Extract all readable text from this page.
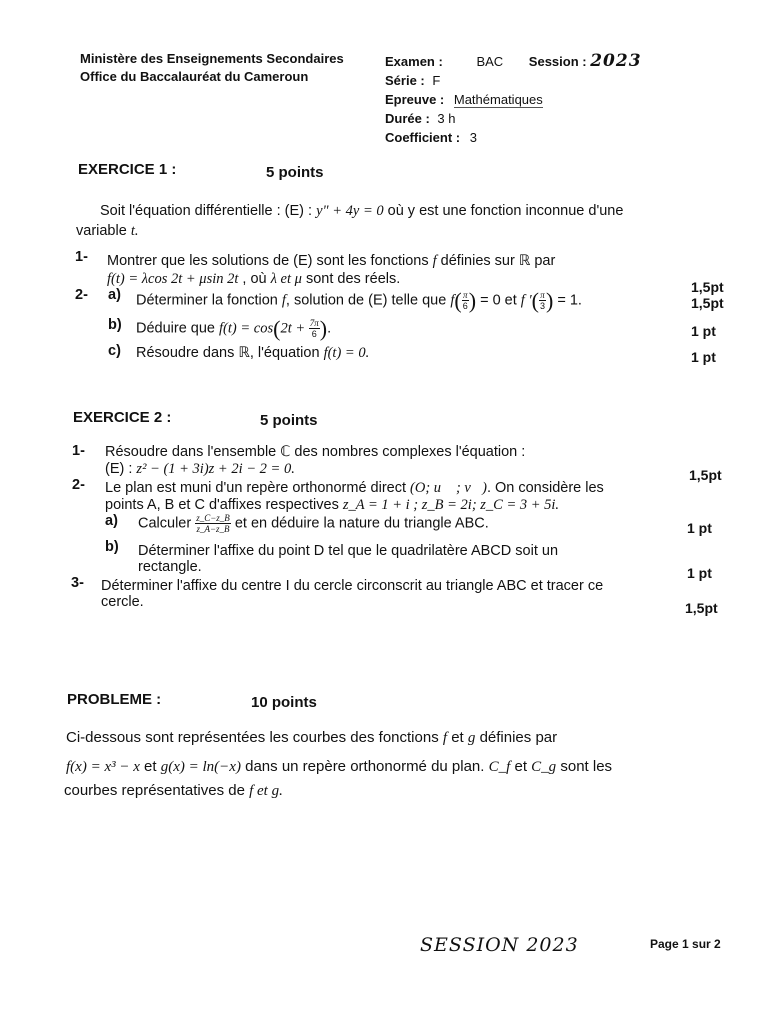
Ministère des Enseignements Secondaires
Office du Baccalauréat du Cameroun
Examen :	BAC Session : 2023
Série : F
Epreuve : Mathématiques
Durée : 3 h
Coefficient : 3
EXERCICE 1 :	5 points
Soit l'équation différentielle : (E) : y" + 4y = 0 où y est une fonction inconnue d'une
variable t.
1- Montrer que les solutions de (E) sont les fonctions f définies sur ℝ par
f(t) = λcos 2t + μsin 2t , où λ et μ sont des réels.	1,5pt
2- a) Déterminer la fonction f, solution de (E) telle que $f( \frac{\pi}{6}$ ) = 0 et f ′( $\frac{\pi}{3}$ ) = 1.	1,5pt
b) Déduire que $f(t) = \cos(2t + \frac{7\pi}{6}$ ).	1 pt
c) Résoudre dans ℝ, l'équation f(t) = 0.	1 pt
EXERCICE 2 :	5 points
1- Résoudre dans l'ensemble ℂ des nombres complexes l'équation :
(E) : z² − (1 + 3i)z + 2i − 2 = 0.	1,5pt
2- Le plan est muni d'un repère orthonormé direct (O; u⃗ ; v⃗). On considère les
points A, B et C d'affixes respectives z_A = 1 + i ; z_B = 2i; z_C = 3 + 5i.
a) Calculer $\frac{z\_C-z\_B}{z\_A-z\_B}$ et en déduire la nature du triangle ABC.	1 pt
b) Déterminer l'affixe du point D tel que le quadrilatère ABCD soit un
rectangle.	1 pt
3- Déterminer l'affixe du centre I du cercle circonscrit au triangle ABC et tracer ce
cercle.	1,5pt
PROBLEME :	10 points
Ci-dessous sont représentées les courbes des fonctions f et g définies par
f(x) = x³ − x et g(x) = ln(−x) dans un repère orthonormé du plan. C_f et C_g sont les
courbes représentatives de f et g.
SESSION 2023	Page 1 sur 2
